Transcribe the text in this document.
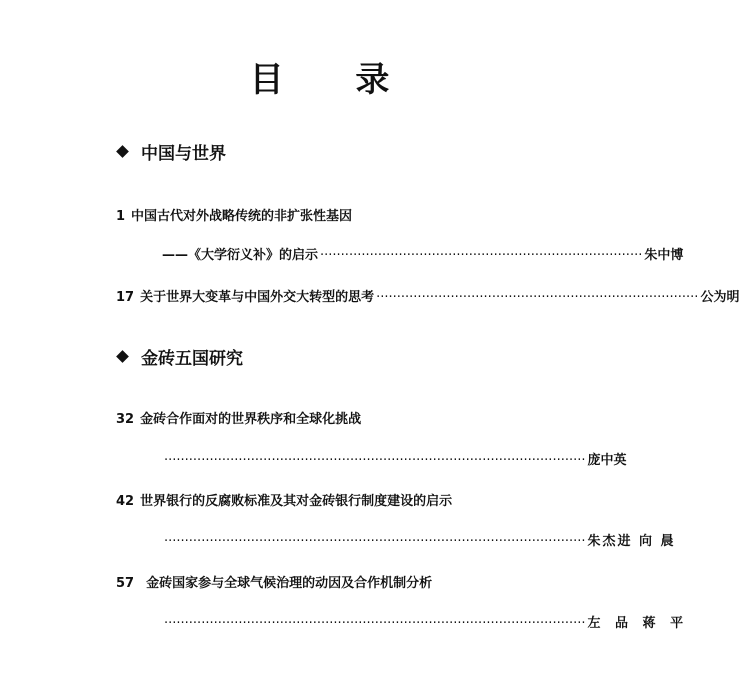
目 录
中国与世界
1 中国古代对外战略传统的非扩张性基因
——《大学衍义补》的启示 ·············································································· 朱中博
17 关于世界大变革与中国外交大转型的思考 ·············································································· 公为明
金砖五国研究
32 金砖合作面对的世界秩序和全球化挑战
······································································································ 庞中英
42 世界银行的反腐败标准及其对金砖银行制度建设的启示
······································································································ 朱杰进 向 晨
57 金砖国家参与全球气候治理的动因及合作机制分析
······································································································ 左 品 蒋 平
